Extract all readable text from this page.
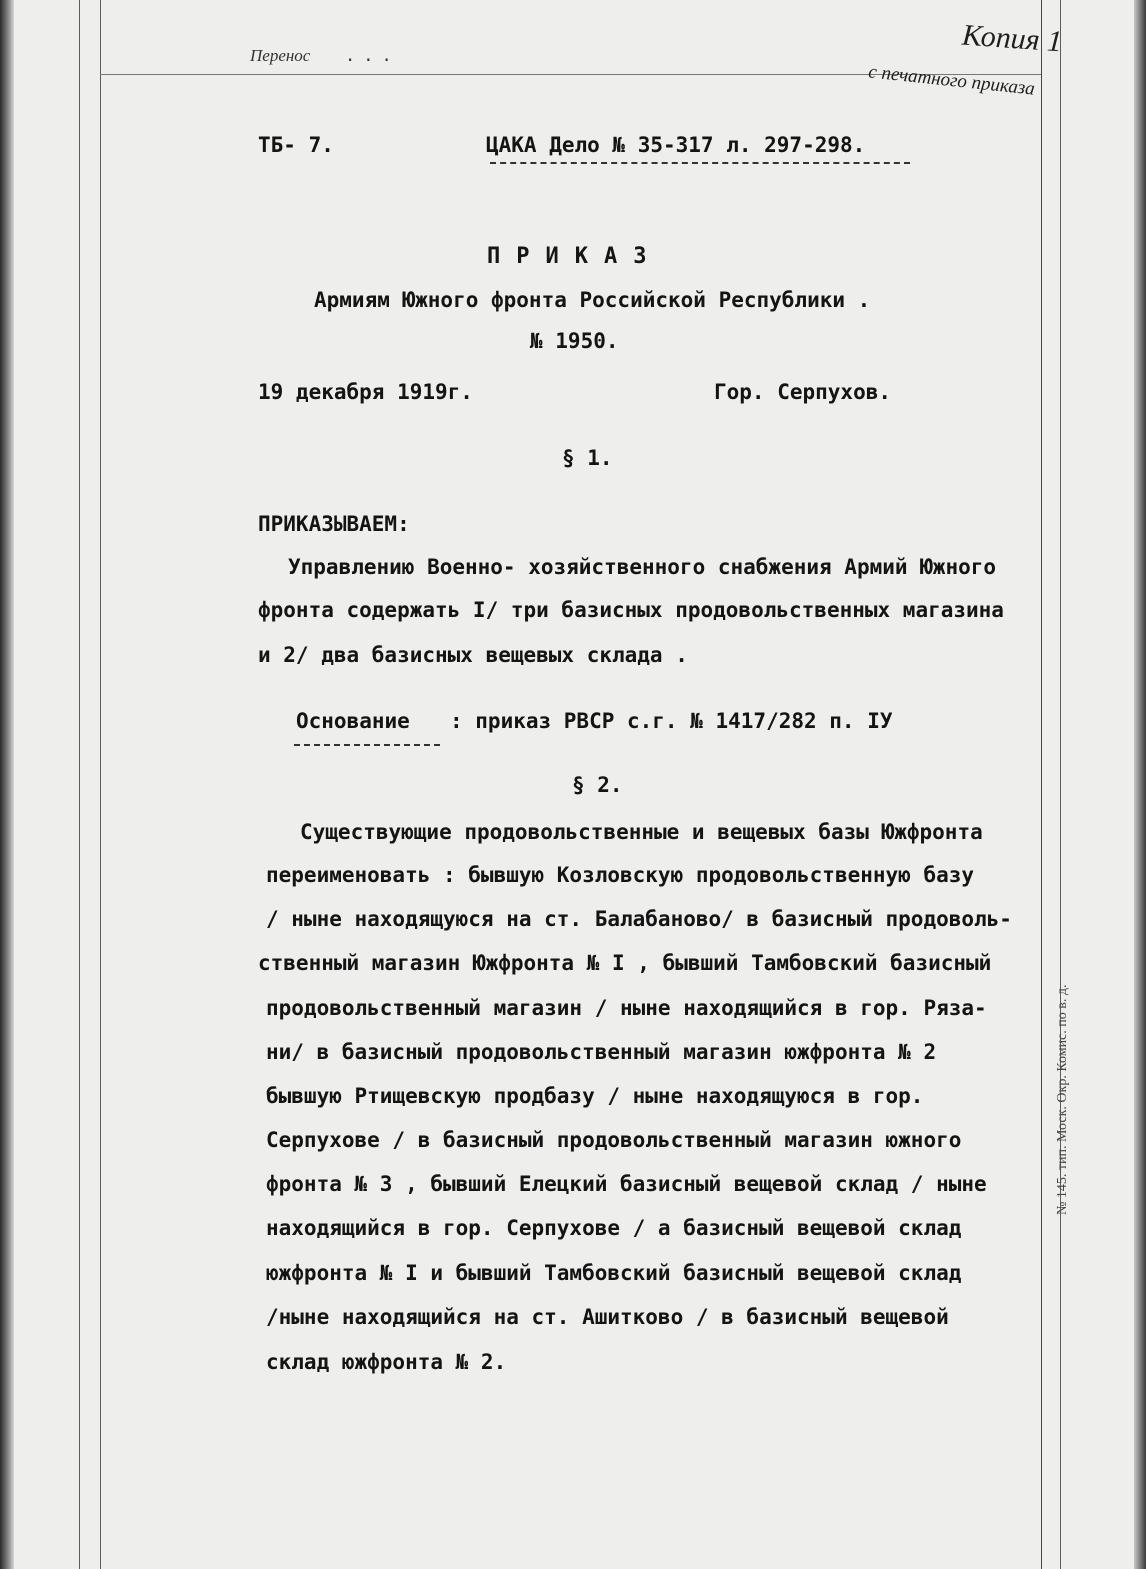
Перенос ...	Копия 1
с печатного приказа
ТБ- 7.	ЦАКА Дело № 35-317 л. 297-298.
ПРИКАЗ
Армиям Южного фронта Российской Республики .
№ 1950.
19 декабря 1919г.	Гор. Серпухов.
§ 1.
ПРИКАЗЫВАЕМ:
Управлению Военно- хозяйственного снабжения Армий Южного
фронта содержать I/ три базисных продовольственных магазина
и 2/ два базисных вещевых склада .
Основание : приказ РВСР с.г. № 1417/282 п. IУ
§ 2.
Существующие продовольственные и вещевых базы Южфронта
переименовать : бывшую Козловскую продовольственную базу
/ ныне находящуюся на ст. Балабаново/ в базисный продоволь-
ственный магазин Южфронта № I , бывший Тамбовский базисный
продовольственный магазин / ныне находящийся в гор. Ряза-
ни/ в базисный продовольственный магазин южфронта № 2
бывшую Ртищевскую продбазу / ныне находящуюся в гор.
Серпухове / в базисный продовольственный магазин южного
фронта № 3 , бывший Елецкий базисный вещевой склад / ныне
находящийся в гор. Серпухове / а базисный вещевой склад
южфронта № I и бывший Тамбовский базисный вещевой склад
/ныне находящийся на ст. Ашитково / в базисный вещевой
склад южфронта № 2.
№ 145. тип. Моск. Окр. Комис. по в. д.
